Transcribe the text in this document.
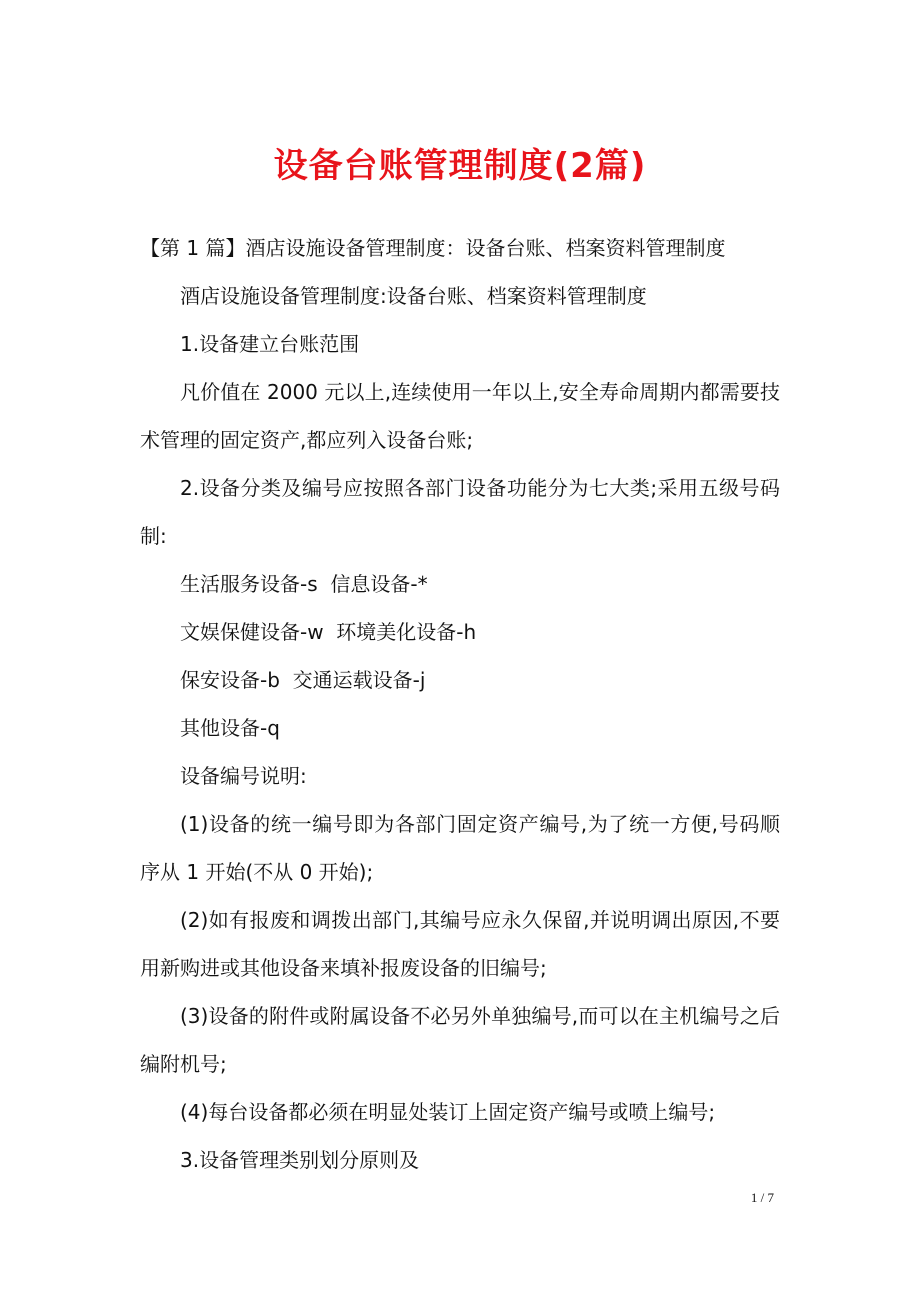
设备台账管理制度(2篇)

【第 1 篇】酒店设施设备管理制度：设备台账、档案资料管理制度

酒店设施设备管理制度:设备台账、档案资料管理制度

1.设备建立台账范围

凡价值在 2000 元以上,连续使用一年以上,安全寿命周期内都需要技术管理的固定资产,都应列入设备台账;

2.设备分类及编号应按照各部门设备功能分为七大类;采用五级号码制:

生活服务设备-s  信息设备-*

文娱保健设备-w  环境美化设备-h

保安设备-b  交通运载设备-j

其他设备-q

设备编号说明:

(1)设备的统一编号即为各部门固定资产编号,为了统一方便,号码顺序从 1 开始(不从 0 开始);

(2)如有报废和调拨出部门,其编号应永久保留,并说明调出原因,不要用新购进或其他设备来填补报废设备的旧编号;

(3)设备的附件或附属设备不必另外单独编号,而可以在主机编号之后编附机号;

(4)每台设备都必须在明显处装订上固定资产编号或喷上编号;

3.设备管理类别划分原则及

1 / 7
